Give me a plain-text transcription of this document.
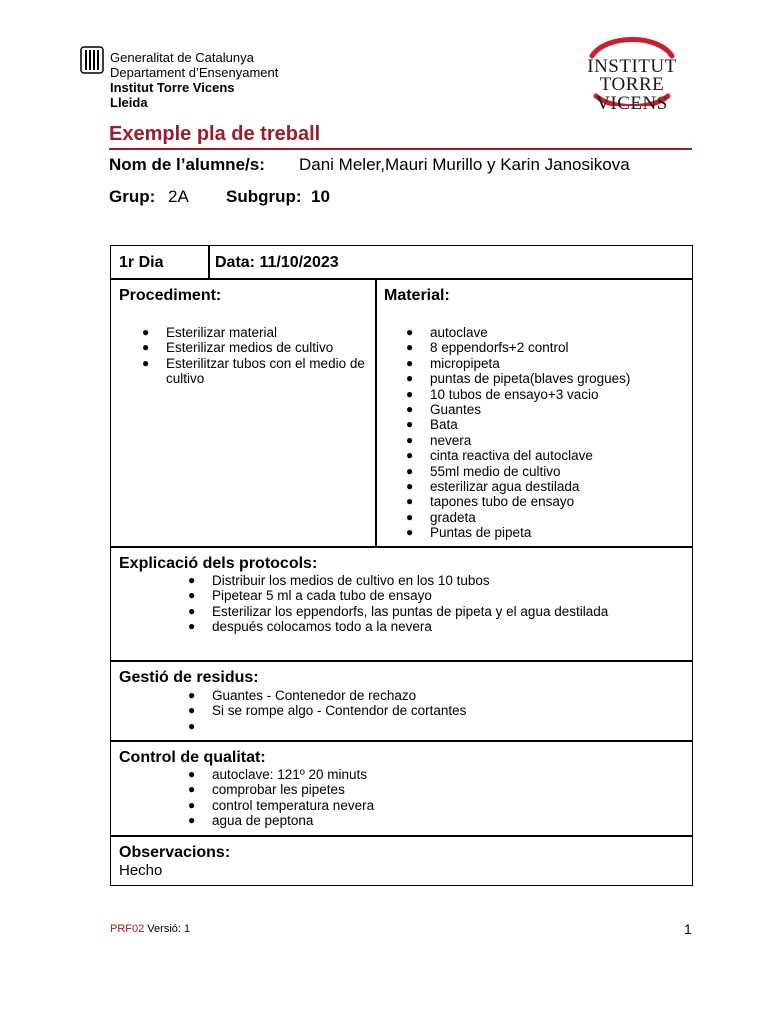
Generalitat de Catalunya
Departament d’Ensenyament
Institut Torre Vicens
Lleida
INSTITUT
TORRE VICENS
Exemple pla de treball
Nom de l’alumne/s: Dani Meler,Mauri Murillo y Karin Janosikova
Grup: 2A Subgrup: 10
1r Dia	Data: 11/10/2023
Procediment:
● Esterilizar material
● Esterilizar medios de cultivo
● Esterilitzar tubos con el medio de cultivo
Material:
● autoclave
● 8 eppendorfs+2 control
● micropipeta
● puntas de pipeta(blaves grogues)
● 10 tubos de ensayo+3 vacio
● Guantes
● Bata
● nevera
● cinta reactiva del autoclave
● 55ml medio de cultivo
● esterilizar agua destilada
● tapones tubo de ensayo
● gradeta
● Puntas de pipeta
Explicació dels protocols:
● Distribuir los medios de cultivo en los 10 tubos
● Pipetear 5 ml a cada tubo de ensayo
● Esterilizar los eppendorfs, las puntas de pipeta y el agua destilada
● después colocamos todo a la nevera
Gestió de residus:
● Guantes - Contenedor de rechazo
● Si se rompe algo - Contendor de cortantes
●

Control de qualitat:
● autoclave: 121º 20 minuts
● comprobar les pipetes
● control temperatura nevera
● agua de peptona
Observacions:
Hecho
PRF02 Versió: 1	1
